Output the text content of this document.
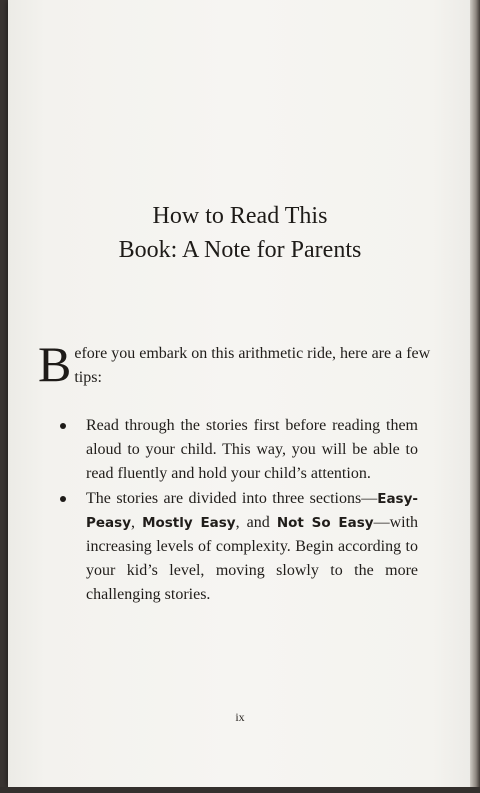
How to Read This
Book: A Note for Parents
Before you embark on this arithmetic ride, here are a few tips:
Read through the stories first before reading them aloud to your child. This way, you will be able to read fluently and hold your child’s attention.
The stories are divided into three sections—Easy-Peasy, Mostly Easy, and Not So Easy—with increasing levels of complexity. Begin according to your kid’s level, moving slowly to the more challenging stories.
ix
